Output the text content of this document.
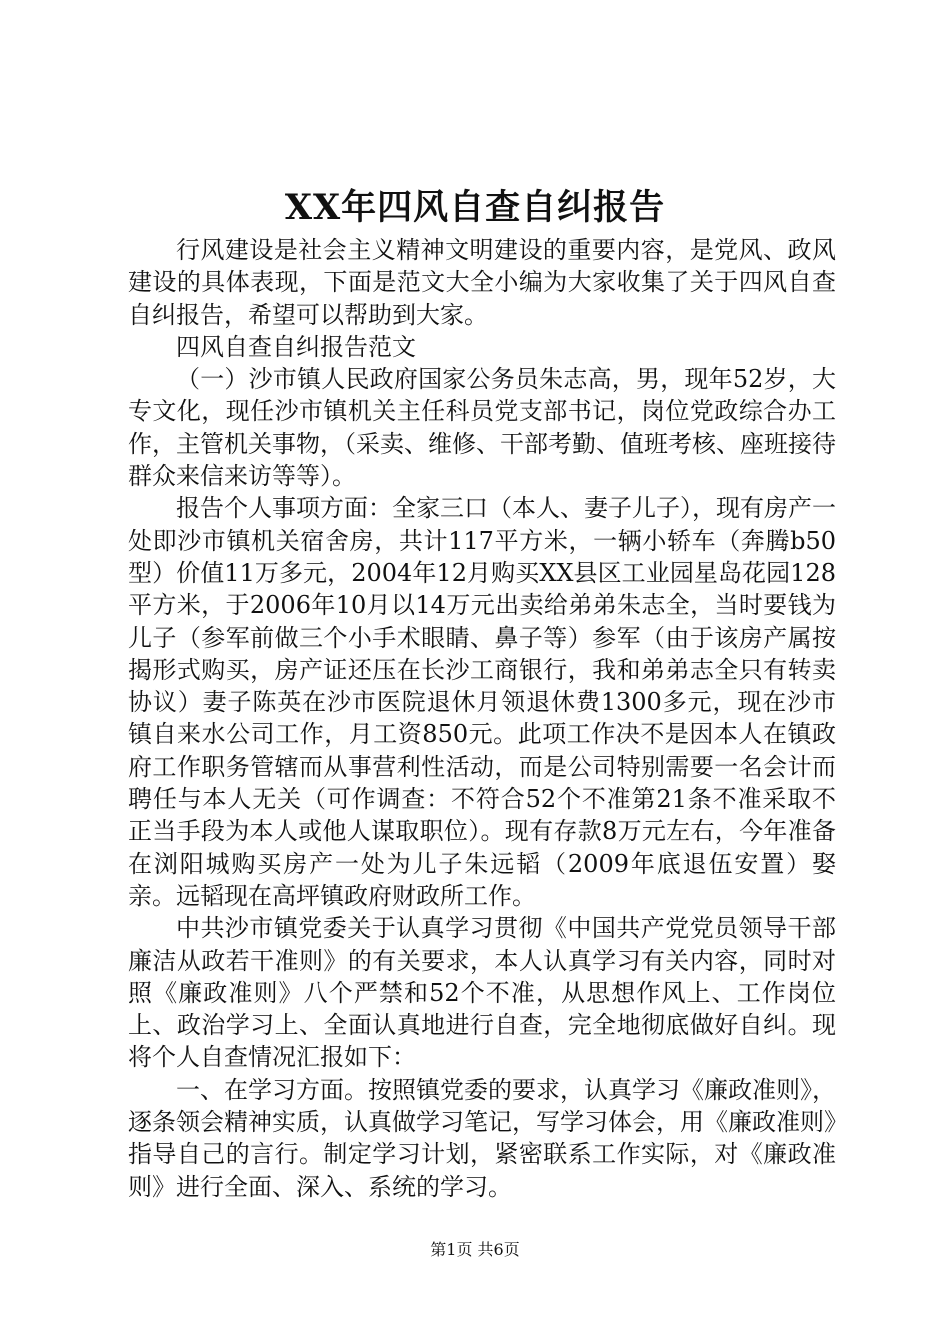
XX年四风自查自纠报告

行风建设是社会主义精神文明建设的重要内容，是党风、政风建设的具体表现，下面是范文大全小编为大家收集了关于四风自查自纠报告，希望可以帮助到大家。

四风自查自纠报告范文

（一）沙市镇人民政府国家公务员朱志高，男，现年52岁，大专文化，现任沙市镇机关主任科员党支部书记，岗位党政综合办工作，主管机关事物，（采卖、维修、干部考勤、值班考核、座班接待群众来信来访等等）。

报告个人事项方面：全家三口（本人、妻子儿子），现有房产一处即沙市镇机关宿舍房，共计117平方米，一辆小轿车（奔腾b50型）价值11万多元，2004年12月购买XX县区工业园星岛花园128平方米，于2006年10月以14万元出卖给弟弟朱志全，当时要钱为儿子（参军前做三个小手术眼睛、鼻子等）参军（由于该房产属按揭形式购买，房产证还压在长沙工商银行，我和弟弟志全只有转卖协议）妻子陈英在沙市医院退休月领退休费1300多元，现在沙市镇自来水公司工作，月工资850元。此项工作决不是因本人在镇政府工作职务管辖而从事营利性活动，而是公司特别需要一名会计而聘任与本人无关（可作调查：不符合52个不准第21条不准采取不正当手段为本人或他人谋取职位）。现有存款8万元左右，今年准备在浏阳城购买房产一处为儿子朱远韬（2009年底退伍安置）娶亲。远韬现在高坪镇政府财政所工作。

中共沙市镇党委关于认真学习贯彻《中国共产党党员领导干部廉洁从政若干准则》的有关要求，本人认真学习有关内容，同时对照《廉政准则》八个严禁和52个不准，从思想作风上、工作岗位上、政治学习上、全面认真地进行自查，完全地彻底做好自纠。现将个人自查情况汇报如下：

一、在学习方面。按照镇党委的要求，认真学习《廉政准则》，逐条领会精神实质，认真做学习笔记，写学习体会，用《廉政准则》指导自己的言行。制定学习计划，紧密联系工作实际，对《廉政准则》进行全面、深入、系统的学习。

第1页 共6页
